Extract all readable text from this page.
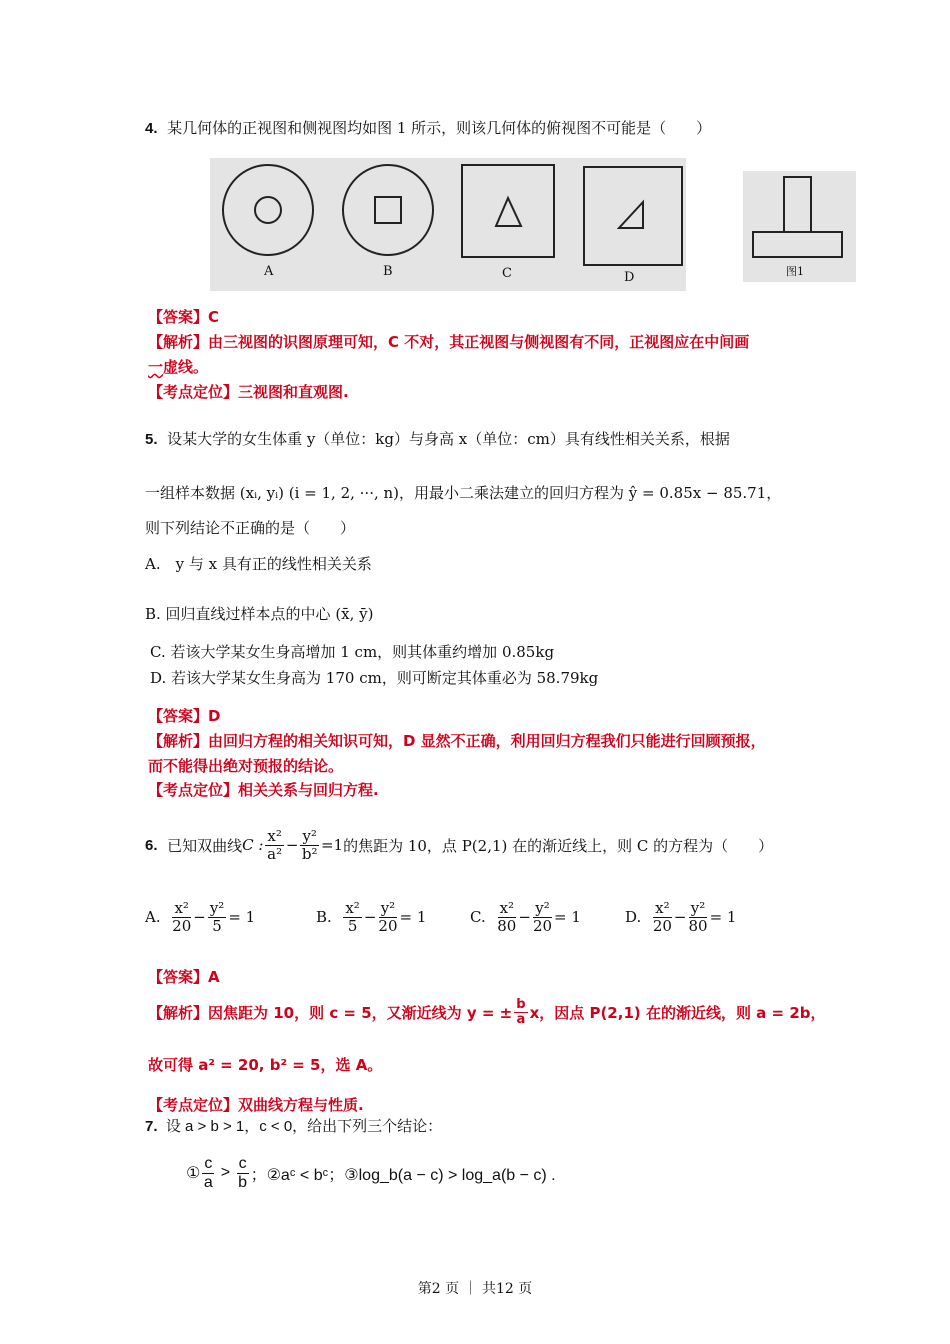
4. 某几何体的正视图和侧视图均如图 1 所示，则该几何体的俯视图不可能是（　　）
A	B	C	D	图1
【答案】C
【解析】由三视图的识图原理可知，C 不对，其正视图与侧视图有不同，正视图应在中间画
一虚线。
【考点定位】三视图和直观图.
5. 设某大学的女生体重 y（单位：kg）与身高 x（单位：cm）具有线性相关关系，根据
一组样本数据 (xᵢ, yᵢ) (i = 1, 2, ···, n)，用最小二乘法建立的回归方程为 ŷ = 0.85x − 85.71，
则下列结论不正确的是（　　）
A.　y 与 x 具有正的线性相关关系
B. 回归直线过样本点的中心 (x̄, ȳ)
C. 若该大学某女生身高增加 1 cm，则其体重约增加 0.85kg
D. 若该大学某女生身高为 170 cm，则可断定其体重必为 58.79kg
【答案】D
【解析】由回归方程的相关知识可知，D 显然不正确，利用回归方程我们只能进行回顾预报，
而不能得出绝对预报的结论。
【考点定位】相关关系与回归方程.
6.
已知双曲线 C : $\frac{\text{x²}}{\text{a²}} - \frac{\text{y²}}{\text{b²}} =1$ 的焦距为 10，点 P(2,1) 在的渐近线上，则 C 的方程为（　　）
A.
$\frac{\text{x²}}{20} - \frac{\text{y²}}{5} = 1$	B.
$\frac{\text{x²}}{5} - \frac{\text{y²}}{20} = 1$	C.
$\frac{\text{x²}}{80} - \frac{\text{y²}}{20} = 1$	D.
$\frac{\text{x²}}{20} - \frac{\text{y²}}{80} = 1$
【答案】A
【解析】因焦距为 10，则 c = 5，又渐近线为 y = ± $\frac{b}{a}$ x，因点 P(2,1) 在的渐近线，则 a = 2b，
故可得 a² = 20, b² = 5，选 A。
【考点定位】双曲线方程与性质.
7. 设 a > b > 1，c < 0，给出下列三个结论：
① $\frac{c}{a} > \frac{c}{b}$ ；②aᶜ < bᶜ；③log_b(a − c) > log_a(b − c) .
第2 页 ｜ 共12 页
